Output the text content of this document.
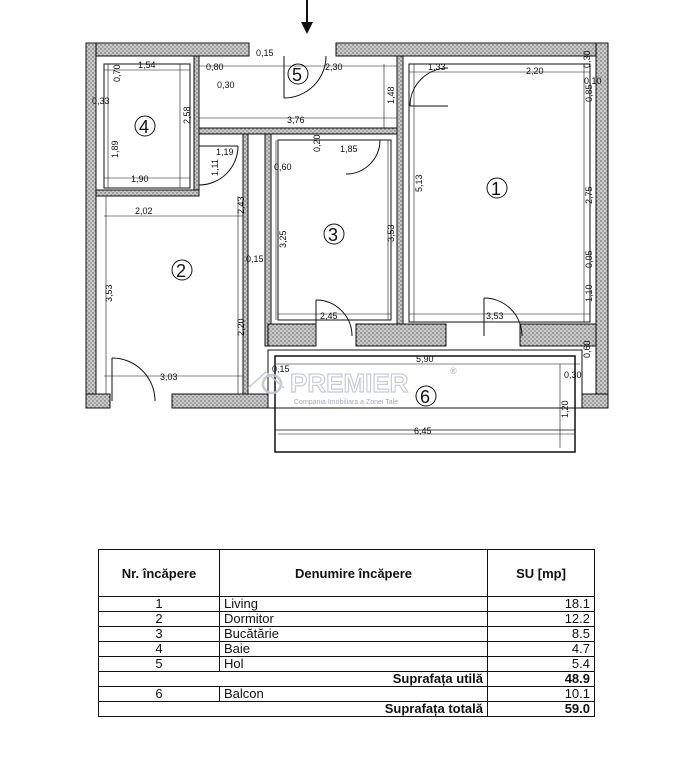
1,54
0,70
0,33
1,89
2,58
1,90
0,80
0,15
0,30
2,30
1,48
3,76
1,33	2,20
0,30
0,10
0,85
5,13
2,75
0,05
1,10
1,19
1,11	0,60
0,20 1,85
2,02	2,43
3,25	3,53
0,15
3,53
2,20
2,45	3,53
5,90
0,60
0,30
3,03
0,15
1,20
6,45
1
2
3
4
5
6
PREMIER	®
Compania Imobiliara a Zonei Tale
Nr. încăpere	Denumire încăpere	SU [mp]
1	Living	18.1
2	Dormitor	12.2
3	Bucătărie	8.5
4	Baie	4.7
5	Hol	5.4
Suprafața utilă		48.9
6	Balcon	10.1
Suprafața totală		59.0
